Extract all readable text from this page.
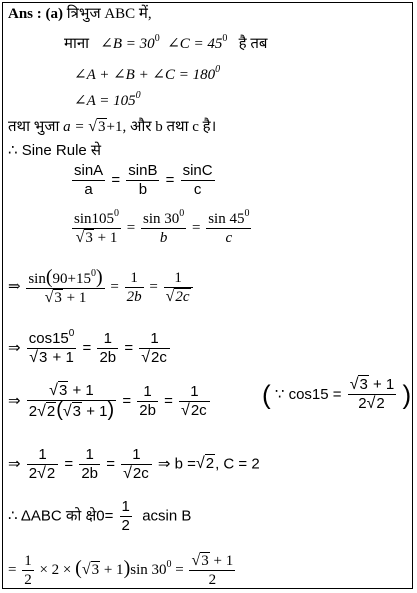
Ans : (a) त्रिभुज ABC में,
माना ∠B = $30^0$ ∠C = $45^0$ है तब
∠A + ∠B + ∠C = $180^0$
∠A = $105^0$
तथा भुजा a = √3+1, और b तथा c है।
∴ Sine Rule से
$\frac{\sin A}{a} = \frac{\sin B}{b} = \frac{\sin C}{c}$
$\frac{\sin 105^0}{√3 + 1} = \frac{\sin 30^0}{b} = \frac{\sin 45^0}{c}$
⇒ $\frac{\sin(90+15^0)}{√3 + 1} = \frac{1}{2b} = \frac{1}{√2c}$
⇒ $\frac{\cos 15^0}{√3 + 1} = \frac{1}{2b} = \frac{1}{√2c}$
⇒ $\frac{√3 + 1}{2√2(√3 + 1)} = \frac{1}{2b} = \frac{1}{√2c}$ ( ∵ $\cos 15 = \frac{√3 + 1}{2√2}$ )
⇒ $\frac{1}{2√2} = \frac{1}{2b} = \frac{1}{√2c}$ ⇒ b =√2, C = 2
∴ ΔABC को क्षे0= $\frac{1}{2}$ acsin B
= $\frac{1}{2} \times 2 \times (√3 + 1)\sin$ $30^0 = \frac{√3 + 1}{2}$
